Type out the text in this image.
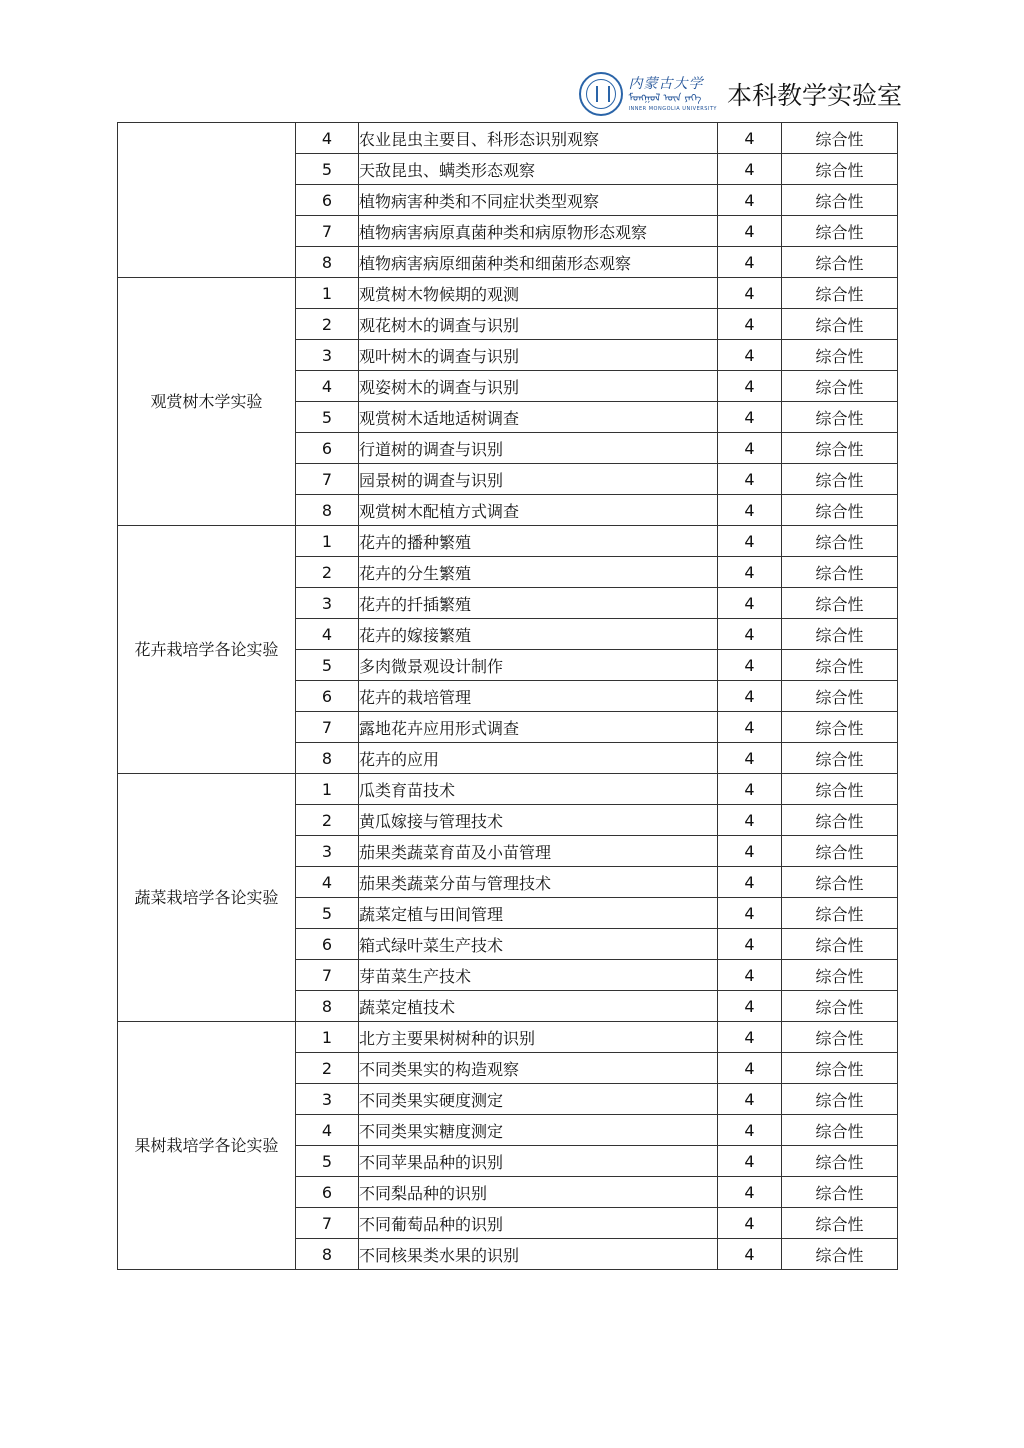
内蒙古大学
ᠮᠣᠩᠭᠣᠯ ᠦᠨ ᠶᠡᠬᠡ
INNER MONGOLIA UNIVERSITY 本科教学实验室
	4	农业昆虫主要目、科形态识别观察	4	综合性
	5	天敌昆虫、螨类形态观察	4	综合性
	6	植物病害种类和不同症状类型观察	4	综合性
	7	植物病害病原真菌种类和病原物形态观察	4	综合性
	8	植物病害病原细菌种类和细菌形态观察	4	综合性
观赏树木学实验	1	观赏树木物候期的观测	4	综合性
	2	观花树木的调查与识别	4	综合性
	3	观叶树木的调查与识别	4	综合性
	4	观姿树木的调查与识别	4	综合性
	5	观赏树木适地适树调查	4	综合性
	6	行道树的调查与识别	4	综合性
	7	园景树的调查与识别	4	综合性
	8	观赏树木配植方式调查	4	综合性
花卉栽培学各论实验	1	花卉的播种繁殖	4	综合性
	2	花卉的分生繁殖	4	综合性
	3	花卉的扦插繁殖	4	综合性
	4	花卉的嫁接繁殖	4	综合性
	5	多肉微景观设计制作	4	综合性
	6	花卉的栽培管理	4	综合性
	7	露地花卉应用形式调查	4	综合性
	8	花卉的应用	4	综合性
蔬菜栽培学各论实验	1	瓜类育苗技术	4	综合性
	2	黄瓜嫁接与管理技术	4	综合性
	3	茄果类蔬菜育苗及小苗管理	4	综合性
	4	茄果类蔬菜分苗与管理技术	4	综合性
	5	蔬菜定植与田间管理	4	综合性
	6	箱式绿叶菜生产技术	4	综合性
	7	芽苗菜生产技术	4	综合性
	8	蔬菜定植技术	4	综合性
果树栽培学各论实验	1	北方主要果树树种的识别	4	综合性
	2	不同类果实的构造观察	4	综合性
	3	不同类果实硬度测定	4	综合性
	4	不同类果实糖度测定	4	综合性
	5	不同苹果品种的识别	4	综合性
	6	不同梨品种的识别	4	综合性
	7	不同葡萄品种的识别	4	综合性
	8	不同核果类水果的识别	4	综合性
